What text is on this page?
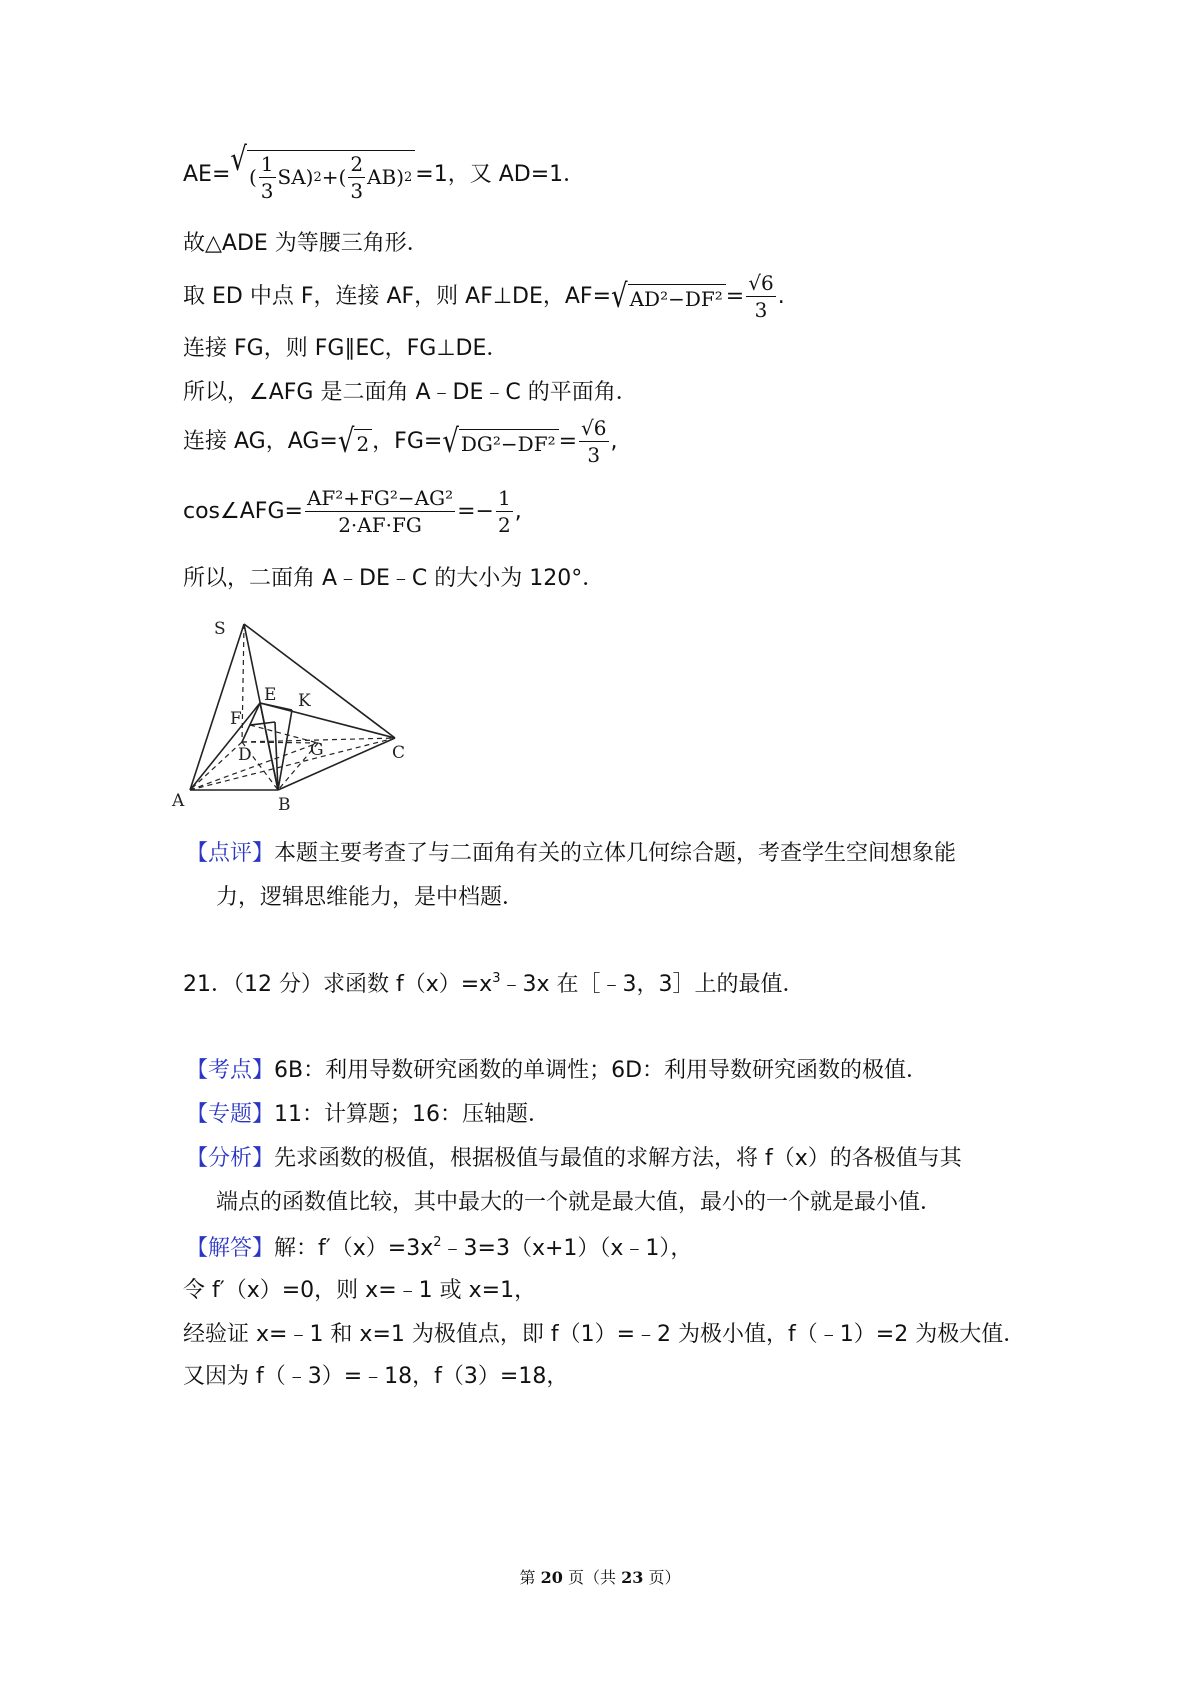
AE= √ ( $\frac{1}{3} SA$) 2 +( $\frac{2}{3} AB$) 2 =1，又 AD=1．
故△ADE 为等腰三角形．
取 ED 中点 F，连接 AF，则 AF⊥DE，AF= √ $AD^2-DF^2 = \frac{√6}{3}$ .
连接 FG，则 FG∥EC，FG⊥DE．
所以，∠AFG 是二面角 A﹣DE﹣C 的平面角．
连接 AG，AG= √ 2 ，FG= √ $DG^2-DF^2 = \frac{√6}{3}$ ,
cos∠AFG= $\frac{\text{AF²+FG²−AG²}}{2\cdot AF\cdot FG} =- \frac{1}{2}$ ,
所以，二面角 A﹣DE﹣C 的大小为 120°．
S
E K
F
D	G	C
A	B
【点评】本题主要考查了与二面角有关的立体几何综合题，考查学生空间想象能
力，逻辑思维能力，是中档题．
21．（12 分）求函数 $f(x)=x^3﹣3x$ 在［﹣3，3］上的最值．
【考点】6B：利用导数研究函数的单调性；6D：利用导数研究函数的极值．
【专题】11：计算题；16：压轴题．
【分析】先求函数的极值，根据极值与最值的求解方法，将 f（x）的各极值与其
端点的函数值比较，其中最大的一个就是最大值，最小的一个就是最小值．
【解答】解：$f'(x)=3x^2﹣3=3(x+1)(x﹣1)$，
令 f′（x）=0，则 x=﹣1 或 x=1，
经验证 x=﹣1 和 x=1 为极值点，即 f（1）=﹣2 为极小值，f（﹣1）=2 为极大值．
又因为 f（﹣3）=﹣18，f（3）=18，
第 20 页（共 23 页）
